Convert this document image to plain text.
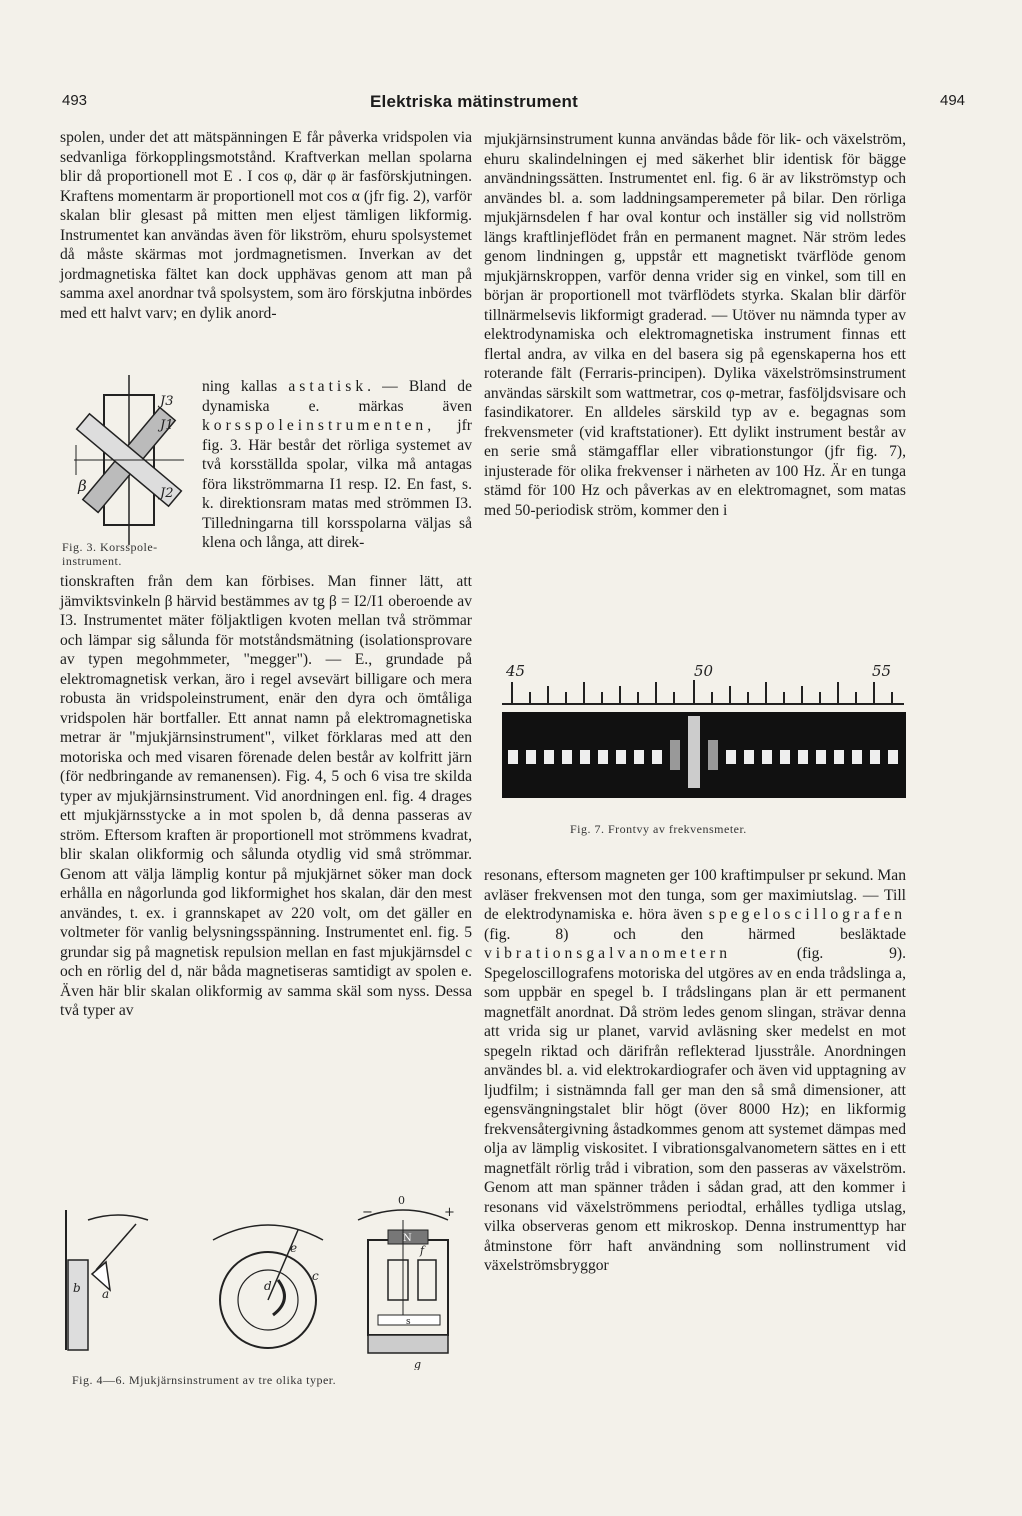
493	Elektriska mätinstrument	494

spolen, under det att mätspänningen E får påverka vridspolen via sedvanliga förkopplingsmotstånd. Kraftverkan mellan spolarna blir då proportionell mot E . I cos φ, där φ är fasförskjutningen. Kraftens momentarm är proportionell mot cos α (jfr fig. 2), varför skalan blir glesast på mitten men eljest tämligen likformig. Instrumentet kan användas även för likström, ehuru spolsystemet då måste skärmas mot jordmagnetismen. Inverkan av det jordmagnetiska fältet kan dock upphävas genom att man på samma axel anordnar två spolsystem, som äro förskjutna inbördes med ett halvt varv; en dylik anord-

J3
J1
J2
β
Fig. 3. Korsspole-instrument.

ning kallas astatisk. — Bland de dynamiska e. märkas även korsspoleinstrumenten, jfr fig. 3. Här består det rörliga systemet av två korsställda spolar, vilka må antagas föra likströmmarna I1 resp. I2. En fast, s. k. direktionsram matas med strömmen I3. Tilledningarna till korsspolarna väljas så klena och långa, att direk-

tionskraften från dem kan förbises. Man finner lätt, att jämviktsvinkeln β härvid bestämmes av tg β = I2/I1 oberoende av I3. Instrumentet mäter följaktligen kvoten mellan två strömmar och lämpar sig sålunda för motståndsmätning (isolationsprovare av typen megohmmeter, "megger"). — E., grundade på elektromagnetisk verkan, äro i regel avsevärt billigare och mera robusta än vridspoleinstrument, enär den dyra och ömtåliga vridspolen här bortfaller. Ett annat namn på elektromagnetiska metrar är "mjukjärnsinstrument", vilket förklaras med att den motoriska och med visaren förenade delen består av kolfritt järn (för nedbringande av remanensen). Fig. 4, 5 och 6 visa tre skilda typer av mjukjärnsinstrument. Vid anordningen enl. fig. 4 drages ett mjukjärnsstycke a in mot spolen b, då denna passeras av ström. Eftersom kraften är proportionell mot strömmens kvadrat, blir skalan olikformig och sålunda otydlig vid små strömmar. Genom att välja lämplig kontur på mjukjärnet söker man dock erhålla en någorlunda god likformighet hos skalan, där den mest användes, t. ex. i grannskapet av 220 volt, om det gäller en voltmeter för vanlig belysningsspänning. Instrumentet enl. fig. 5 grundar sig på magnetisk repulsion mellan en fast mjukjärnsdel c och en rörlig del d, när båda magnetiseras samtidigt av spolen e. Även här blir skalan olikformig av samma skäl som nyss. Dessa två typer av

b a
e
d
c
0
−	+
N
f
s
g
Fig. 4—6. Mjukjärnsinstrument av tre olika typer.

mjukjärnsinstrument kunna användas både för lik- och växelström, ehuru skalindelningen ej med säkerhet blir identisk för bägge användningssätten. Instrumentet enl. fig. 6 är av likströmstyp och användes bl. a. som laddningsamperemeter på bilar. Den rörliga mjukjärnsdelen f har oval kontur och inställer sig vid nollström längs kraftlinjeflödet från en permanent magnet. När ström ledes genom lindningen g, uppstår ett magnetiskt tvärflöde genom mjukjärnskroppen, varför denna vrider sig en vinkel, som till en början är proportionell mot tvärflödets styrka. Skalan blir därför tillnärmelsevis likformigt graderad. — Utöver nu nämnda typer av elektrodynamiska och elektromagnetiska instrument finnas ett flertal andra, av vilka en del basera sig på egenskaperna hos ett roterande fält (Ferraris-principen). Dylika växelströmsinstrument användas särskilt som wattmetrar, cos φ-metrar, fasföljdsvisare och fasindikatorer. En alldeles särskild typ av e. begagnas som frekvensmeter (vid kraftstationer). Ett dylikt instrument består av en serie små stämgafflar eller vibrationstungor (jfr fig. 7), injusterade för olika frekvenser i närheten av 100 Hz. Är en tunga stämd för 100 Hz och påverkas av en elektromagnet, som matas med 50-periodisk ström, kommer den i

45	50	55
Fig. 7. Frontvy av frekvensmeter.

resonans, eftersom magneten ger 100 kraftimpulser pr sekund. Man avläser frekvensen mot den tunga, som ger maximiutslag. — Till de elektrodynamiska e. höra även spegeloscillografen (fig. 8) och den härmed besläktade vibrationsgalvanometern (fig. 9). Spegeloscillografens motoriska del utgöres av en enda trådslinga a, som uppbär en spegel b. I trådslingans plan är ett permanent magnetfält anordnat. Då ström ledes genom slingan, strävar denna att vrida sig ur planet, varvid avläsning sker medelst en mot spegeln riktad och därifrån reflekterad ljusstråle. Anordningen användes bl. a. vid elektrokardiografer och även vid upptagning av ljudfilm; i sistnämnda fall ger man den så små dimensioner, att egensvängningstalet blir högt (över 8000 Hz); en likformig frekvensåtergivning åstadkommes genom att systemet dämpas med olja av lämplig viskositet. I vibrationsgalvanometern sättes en i ett magnetfält rörlig tråd i vibration, som den passeras av växelström. Genom att man spänner tråden i sådan grad, att den kommer i resonans vid växelströmmens periodtal, erhålles tydliga utslag, vilka observeras genom ett mikroskop. Denna instrumenttyp har åtminstone förr haft användning som nollinstrument vid växelströmsbryggor
